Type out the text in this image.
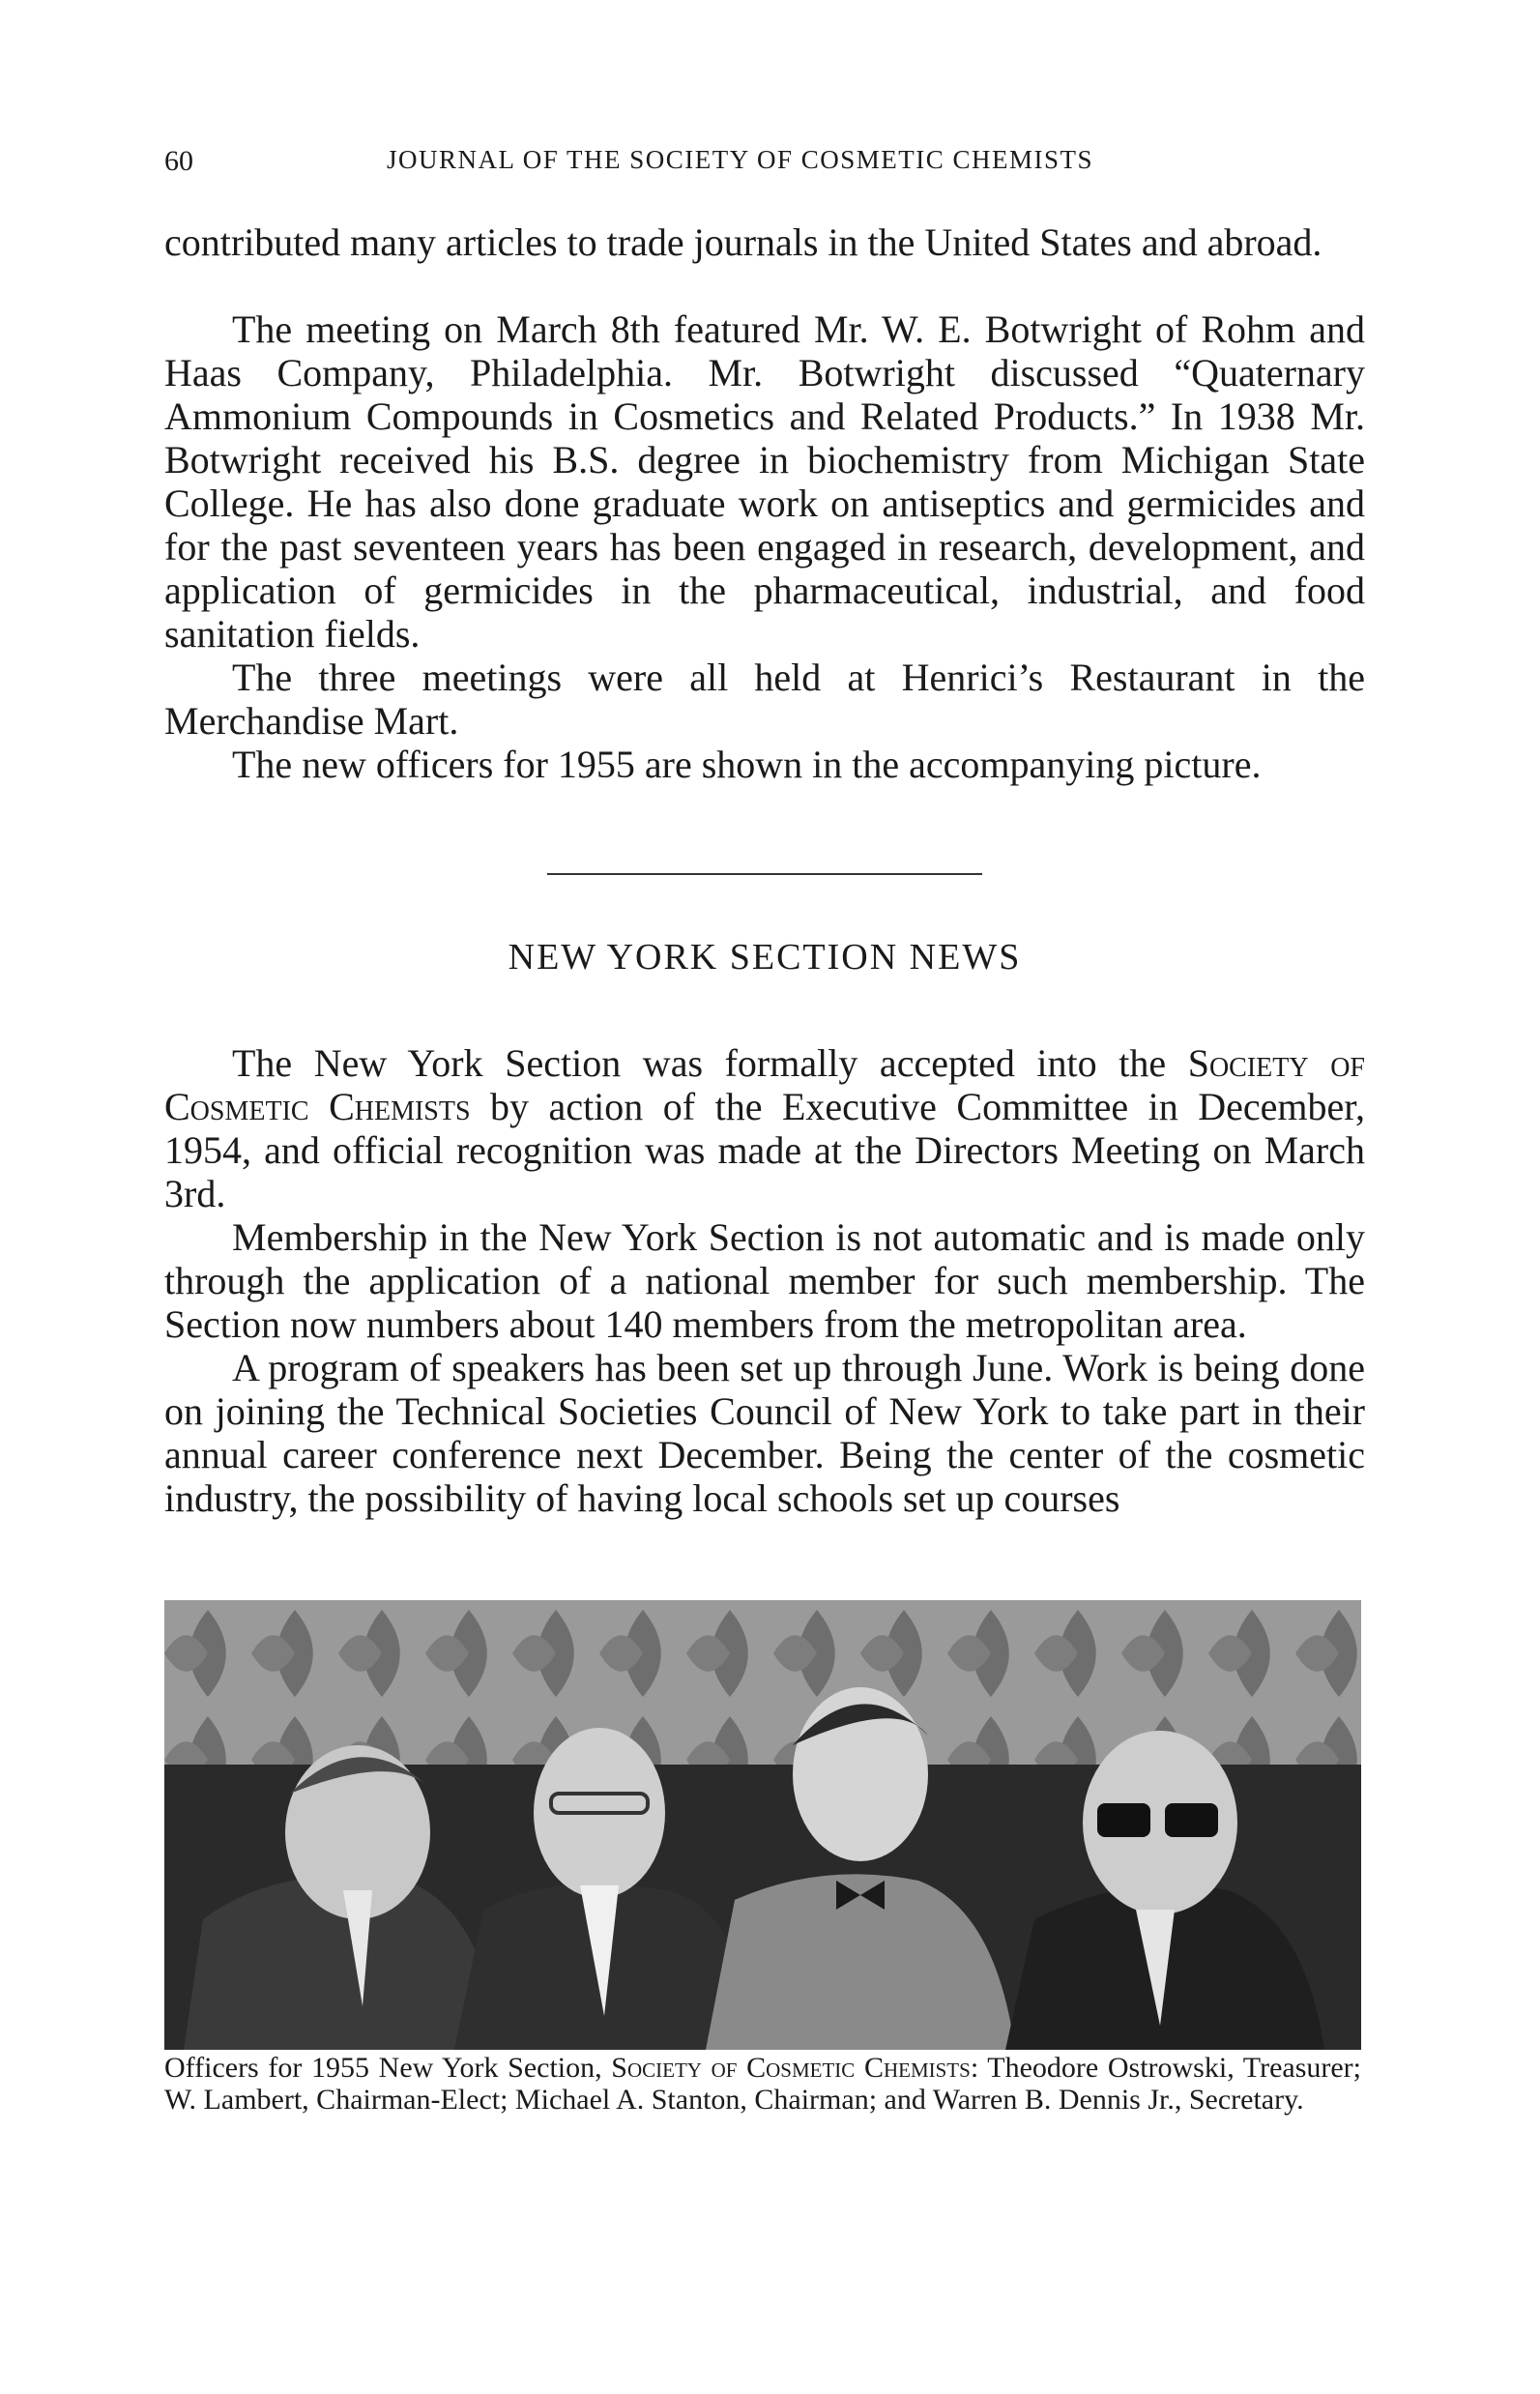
60	JOURNAL OF THE SOCIETY OF COSMETIC CHEMISTS

contributed many articles to trade journals in the United States and abroad.

The meeting on March 8th featured Mr. W. E. Botwright of Rohm and Haas Company, Philadelphia. Mr. Botwright discussed “Quaternary Ammonium Compounds in Cosmetics and Related Products.” In 1938 Mr. Botwright received his B.S. degree in biochemistry from Michigan State College. He has also done graduate work on antiseptics and germicides and for the past seventeen years has been engaged in research, development, and application of germicides in the pharmaceutical, industrial, and food sanitation fields.

The three meetings were all held at Henrici’s Restaurant in the Merchandise Mart.

The new officers for 1955 are shown in the accompanying picture.

NEW YORK SECTION NEWS

The New York Section was formally accepted into the Society of Cosmetic Chemists by action of the Executive Committee in December, 1954, and official recognition was made at the Directors Meeting on March 3rd.

Membership in the New York Section is not automatic and is made only through the application of a national member for such membership. The Section now numbers about 140 members from the metropolitan area.

A program of speakers has been set up through June. Work is being done on joining the Technical Societies Council of New York to take part in their annual career conference next December. Being the center of the cosmetic industry, the possibility of having local schools set up courses

Officers for 1955 New York Section, Society of Cosmetic Chemists: Theodore Ostrowski, Treasurer; W. Lambert, Chairman-Elect; Michael A. Stanton, Chairman; and Warren B. Dennis Jr., Secretary.
